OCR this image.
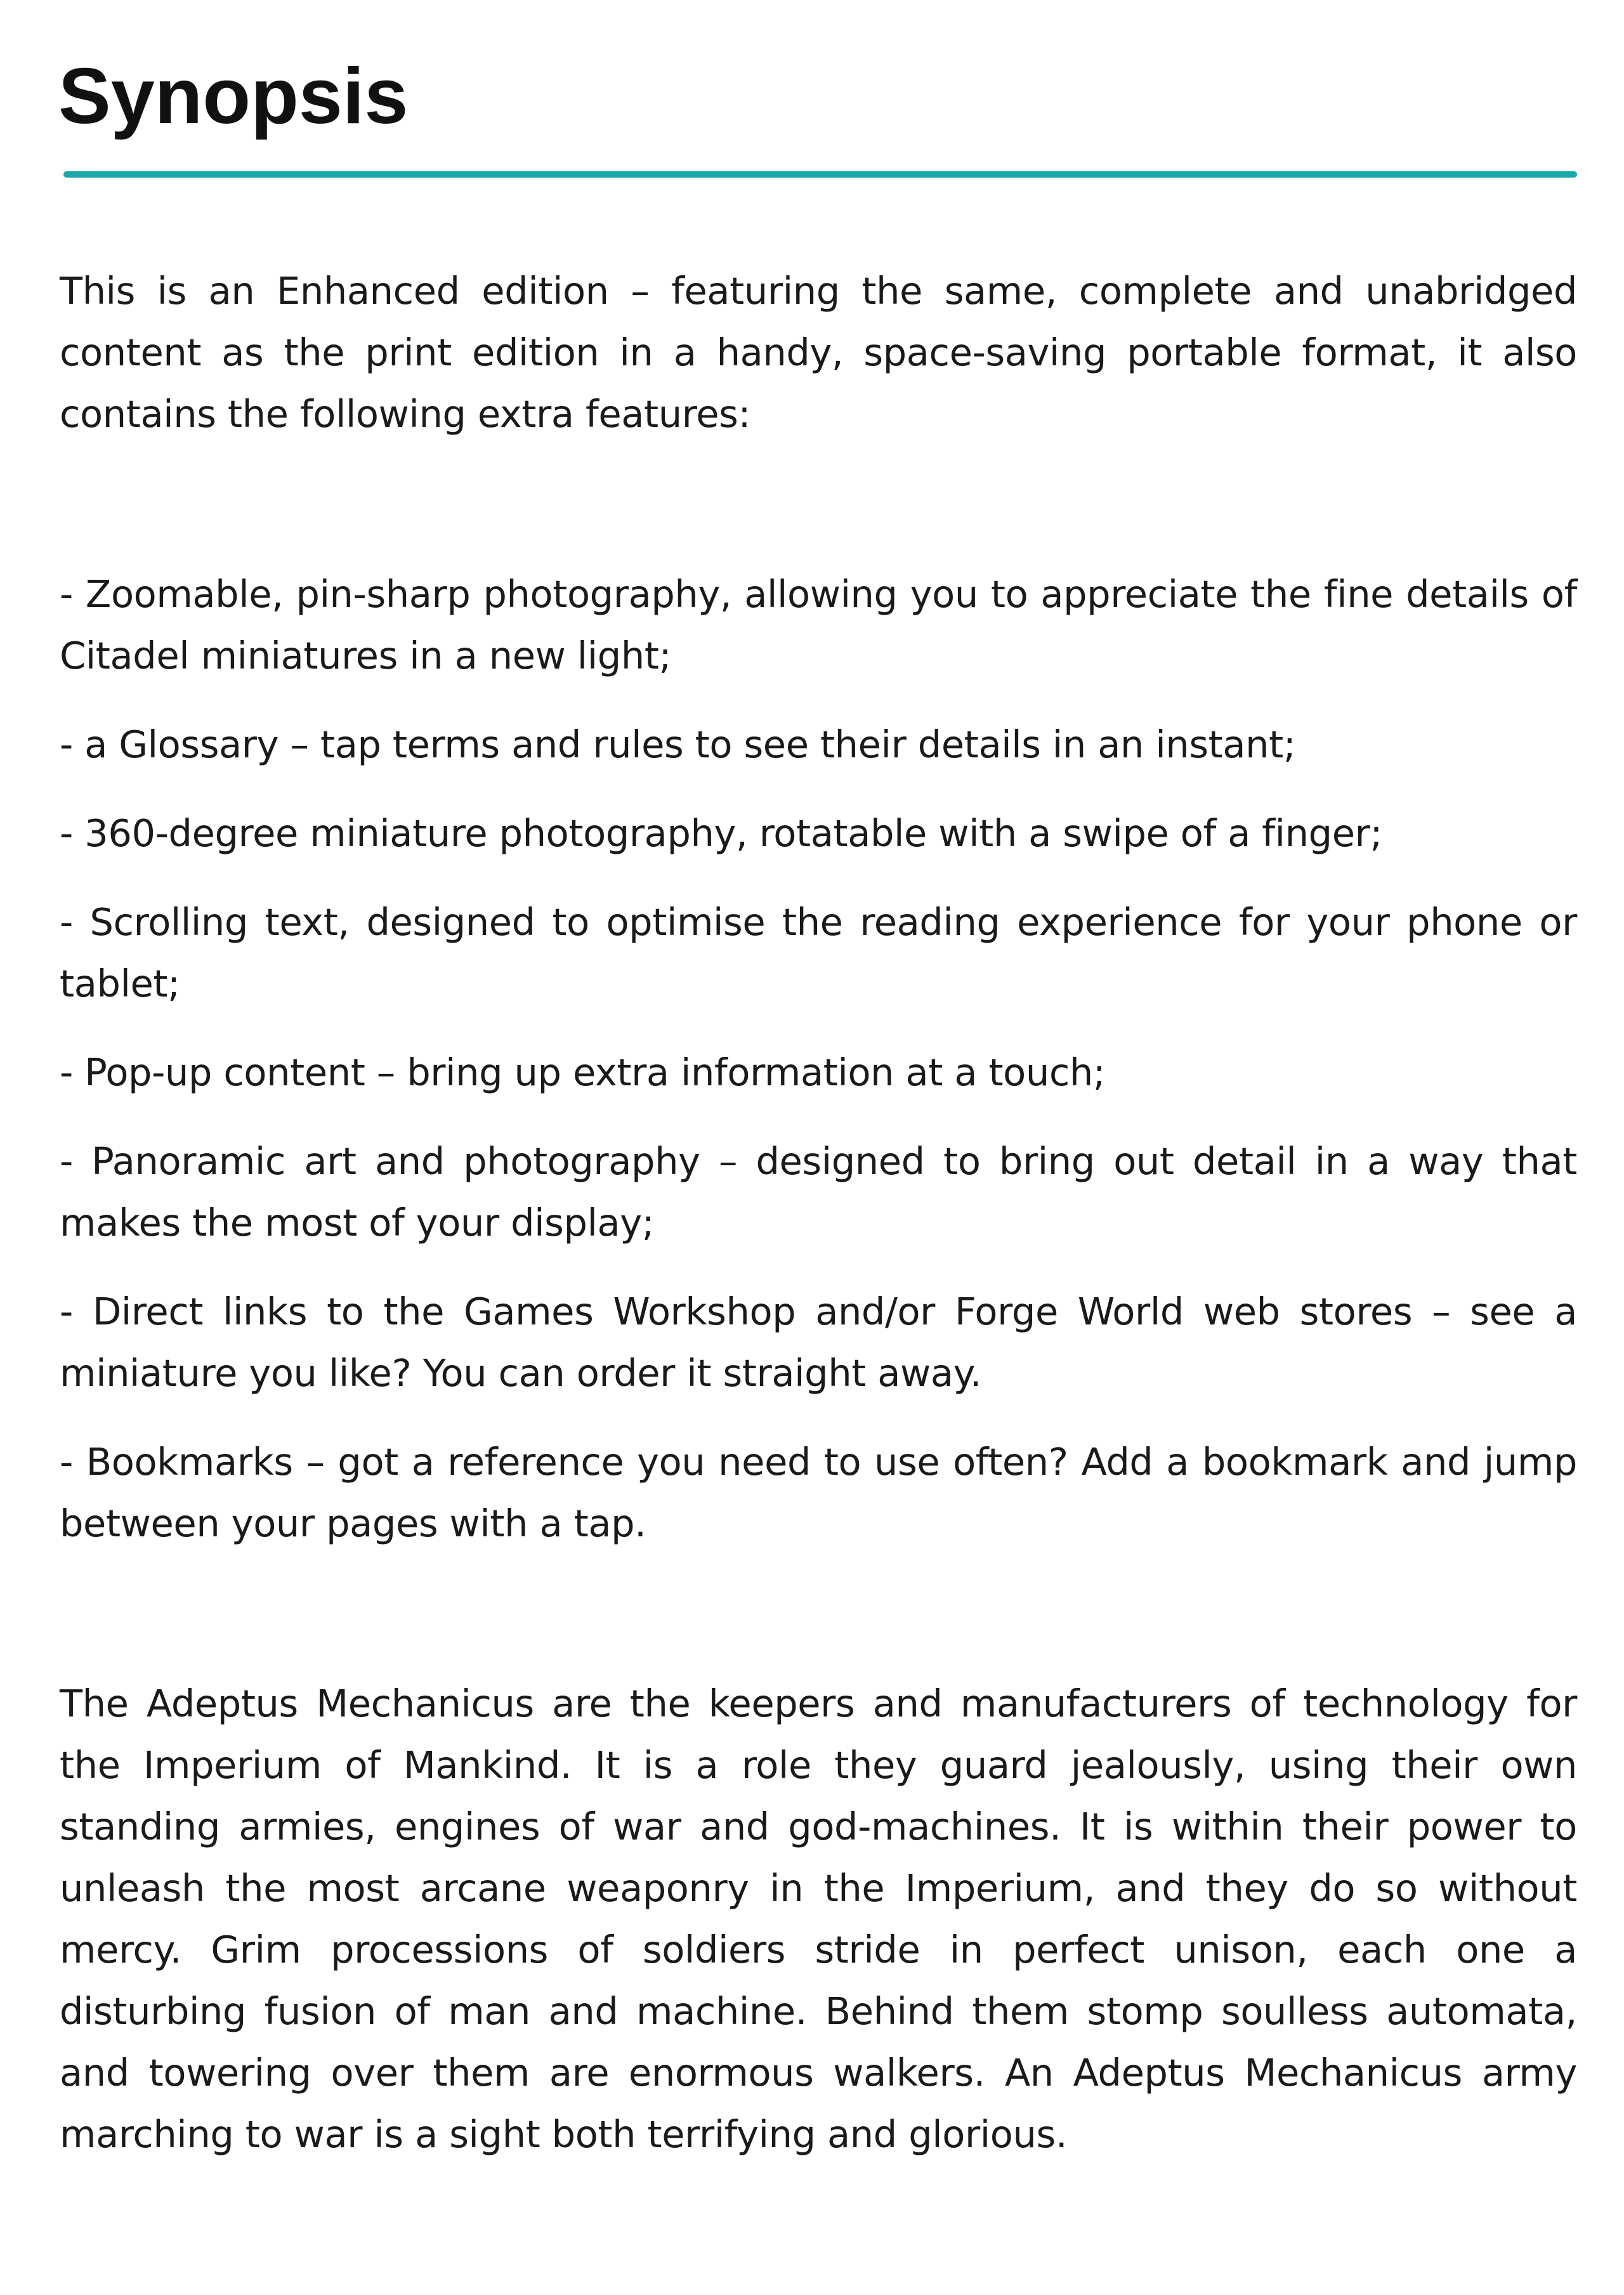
Synopsis

This is an Enhanced edition – featuring the same, complete and unabridged content as the print edition in a handy, space-saving portable format, it also contains the following extra features:

- Zoomable, pin-sharp photography, allowing you to appreciate the fine details of Citadel miniatures in a new light;
- a Glossary – tap terms and rules to see their details in an instant;
- 360-degree miniature photography, rotatable with a swipe of a finger;
- Scrolling text, designed to optimise the reading experience for your phone or tablet;
- Pop-up content – bring up extra information at a touch;
- Panoramic art and photography – designed to bring out detail in a way that makes the most of your display;
- Direct links to the Games Workshop and/or Forge World web stores – see a miniature you like? You can order it straight away.
- Bookmarks – got a reference you need to use often? Add a bookmark and jump between your pages with a tap.

The Adeptus Mechanicus are the keepers and manufacturers of technology for the Imperium of Mankind. It is a role they guard jealously, using their own standing armies, engines of war and god-machines. It is within their power to unleash the most arcane weaponry in the Imperium, and they do so without mercy. Grim processions of soldiers stride in perfect unison, each one a disturbing fusion of man and machine. Behind them stomp soulless automata, and towering over them are enormous walkers. An Adeptus Mechanicus army marching to war is a sight both terrifying and glorious.
